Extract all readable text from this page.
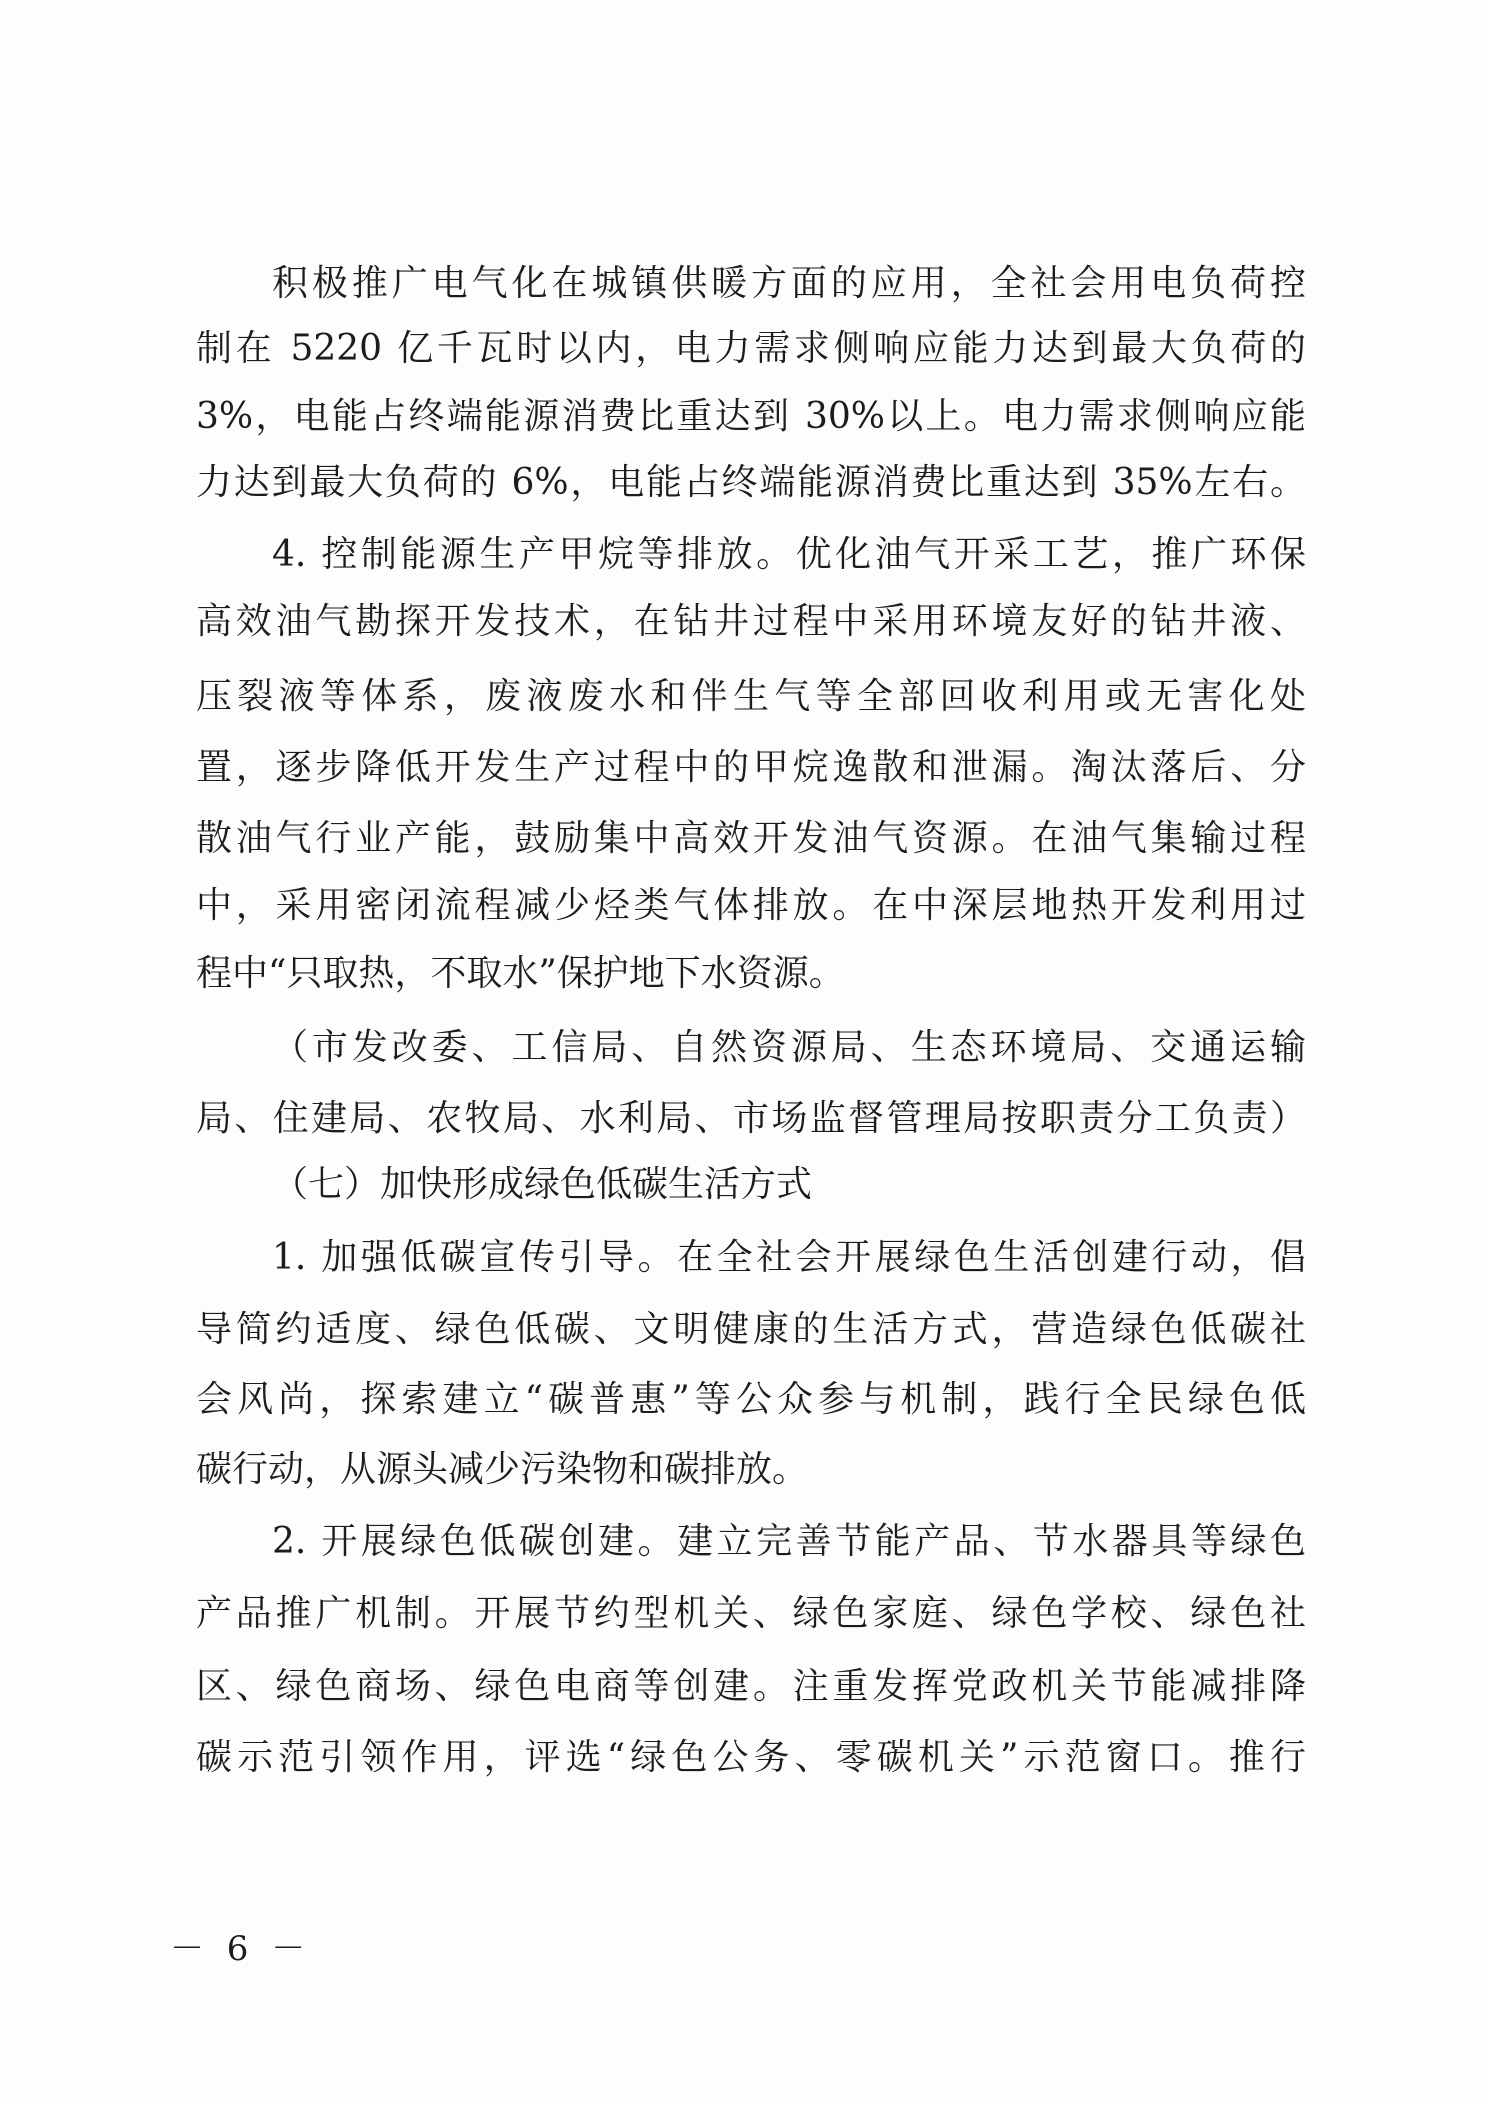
积极推广电气化在城镇供暖方面的应用，全社会用电负荷控
制在 5220 亿千瓦时以内，电力需求侧响应能力达到最大负荷的
3%，电能占终端能源消费比重达到 30%以上。电力需求侧响应能
力达到最大负荷的 6%，电能占终端能源消费比重达到 35%左右。
4. 控制能源生产甲烷等排放。优化油气开采工艺，推广环保
高效油气勘探开发技术，在钻井过程中采用环境友好的钻井液、
压裂液等体系，废液废水和伴生气等全部回收利用或无害化处
置，逐步降低开发生产过程中的甲烷逸散和泄漏。淘汰落后、分
散油气行业产能，鼓励集中高效开发油气资源。在油气集输过程
中，采用密闭流程减少烃类气体排放。在中深层地热开发利用过
程中“只取热，不取水”保护地下水资源。
（市发改委、工信局、自然资源局、生态环境局、交通运输
局、住建局、农牧局、水利局、市场监督管理局按职责分工负责）
（七）加快形成绿色低碳生活方式
1. 加强低碳宣传引导。在全社会开展绿色生活创建行动，倡
导简约适度、绿色低碳、文明健康的生活方式，营造绿色低碳社
会风尚，探索建立“碳普惠”等公众参与机制，践行全民绿色低
碳行动，从源头减少污染物和碳排放。
2. 开展绿色低碳创建。建立完善节能产品、节水器具等绿色
产品推广机制。开展节约型机关、绿色家庭、绿色学校、绿色社
区、绿色商场、绿色电商等创建。注重发挥党政机关节能减排降
碳示范引领作用，评选“绿色公务、零碳机关”示范窗口。推行
－ 6 －
